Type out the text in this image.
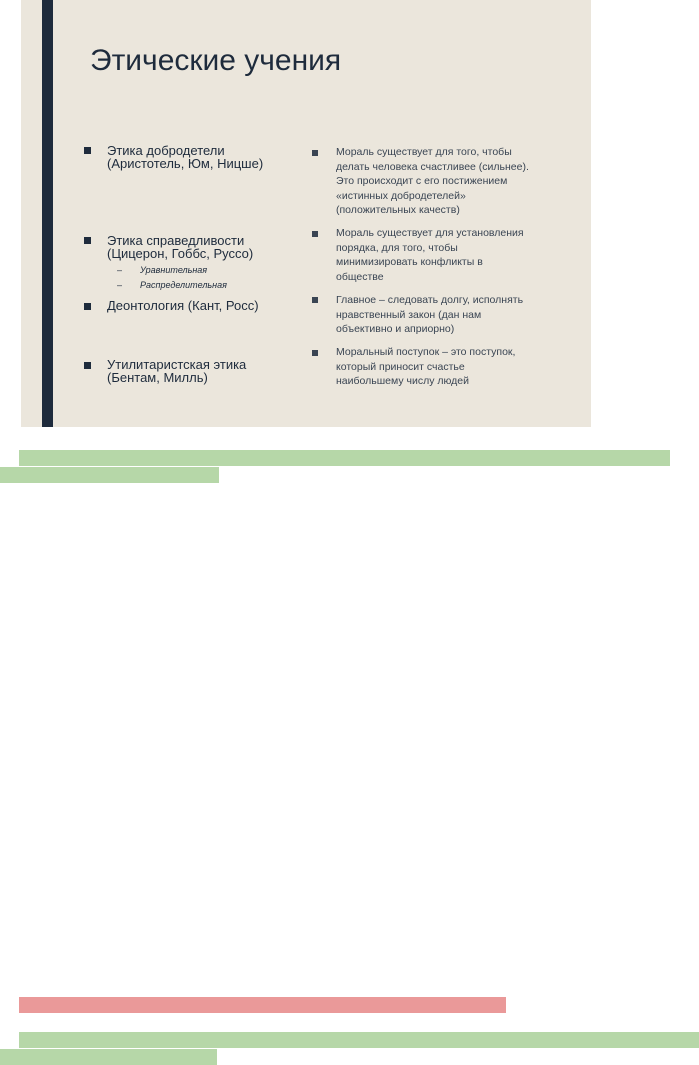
Этические учения
Этика добродетели
(Аристотель, Юм, Ницше)
Этика справедливости
(Цицерон, Гоббс, Руссо)
– Уравнительная
– Распределительная
Деонтология (Кант, Росс)
Утилитаристская этика
(Бентам, Милль)
Мораль существует для того, чтобы
делать человека счастливее (сильнее).
Это происходит с его постижением
«истинных добродетелей»
(положительных качеств)
Мораль существует для установления
порядка, для того, чтобы
минимизировать конфликты в
обществе
Главное – следовать долгу, исполнять
нравственный закон (дан нам
объективно и априорно)
Моральный поступок – это поступок,
который приносит счастье
наибольшему числу людей
